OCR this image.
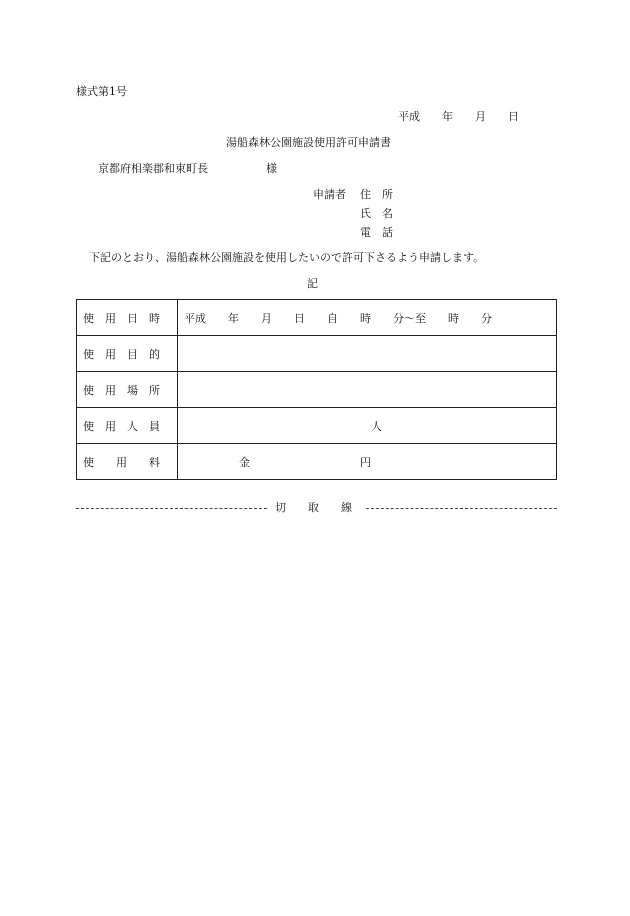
様式第1号
平成　　年　　月　　日
湯船森林公園施設使用許可申請書
京都府相楽郡和束町長	様
申請者 住　所
氏　名
電　話
下記のとおり、湯船森林公園施設を使用したいので許可下さるよう申請します。
記
使　用　日　時	平成　　年　　月　　日　　自　　時　　分〜至　　時　　分
使　用　目　的	
使　用　場　所	
使　用　人　員	　　　　　　　　　　　　　　　　　人
使　　用　　料	　　　　　金　　　　　　　　　　円
切　　取　　線
